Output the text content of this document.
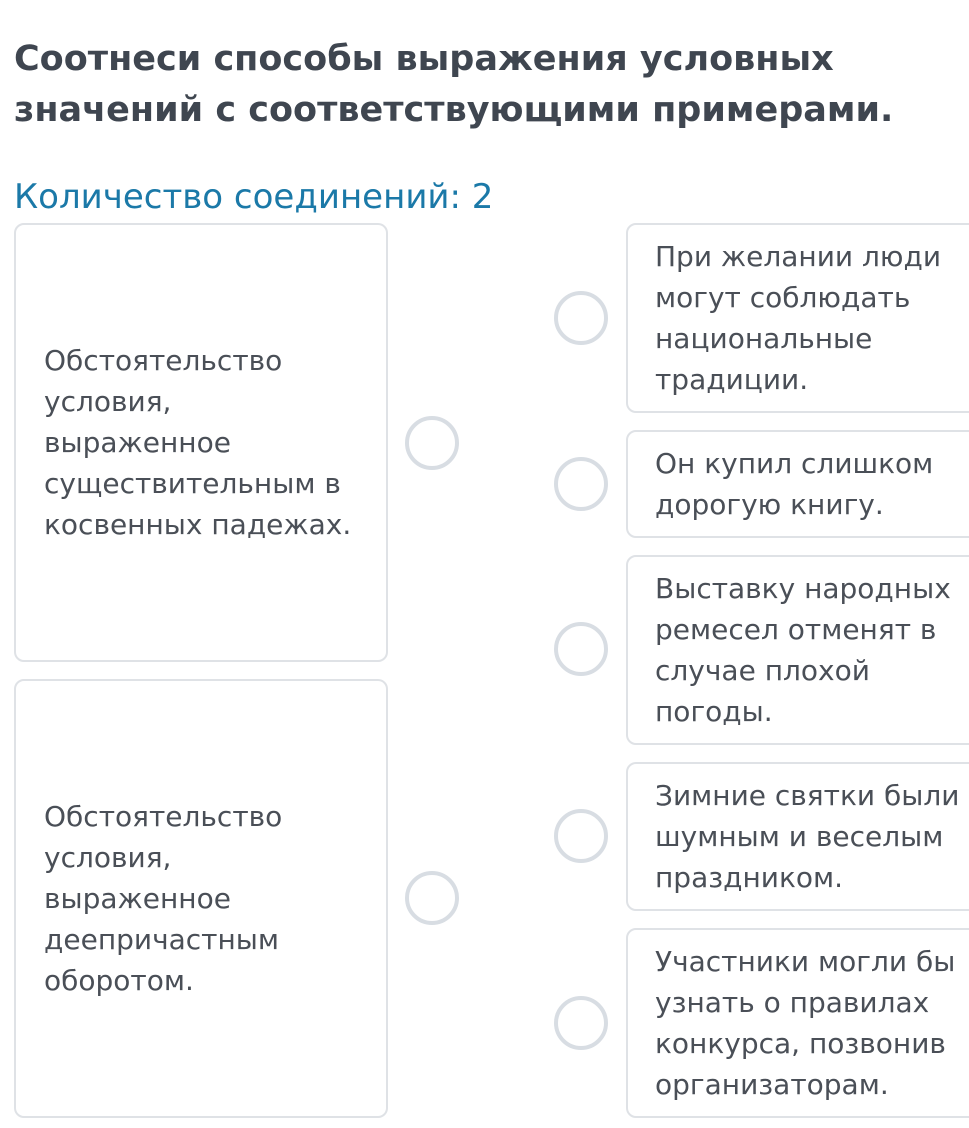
Соотнеси способы выражения условных значений с соответствующими примерами.
Количество соединений: 2
Обстоятельство условия, выраженное существительным в косвенных падежах.
Обстоятельство условия, выраженное деепричастным оборотом.
При желании люди могут соблюдать национальные традиции.
Он купил слишком дорогую книгу.
Выставку народных ремесел отменят в случае плохой погоды.
Зимние святки были шумным и веселым праздником.
Участники могли бы узнать о правилах конкурса, позвонив организаторам.
